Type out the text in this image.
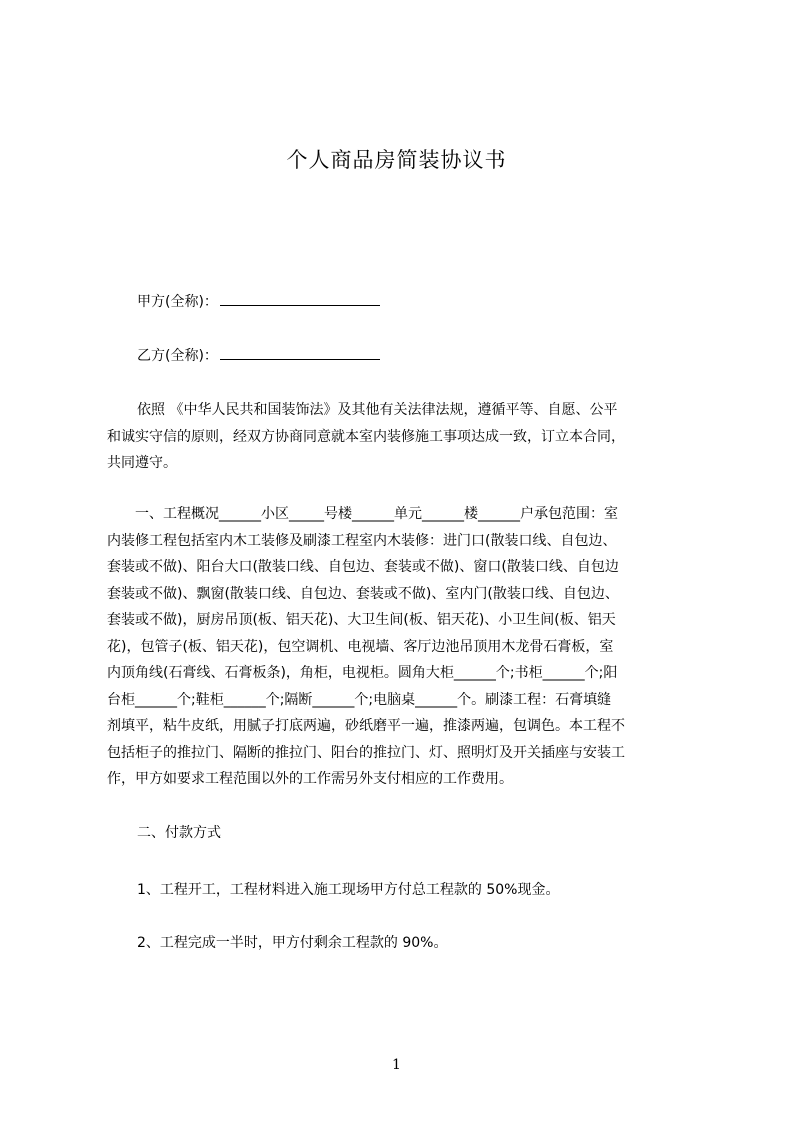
个人商品房简装协议书
甲方(全称)：
乙方(全称)：
依照 《中华人民共和国装饰法》及其他有关法律法规，遵循平等、自愿、公平
和诚实守信的原则，经双方协商同意就本室内装修施工事项达成一致，订立本合同，
共同遵守。
一、工程概况______小区_____号楼______单元______楼______户承包范围：室
内装修工程包括室内木工装修及刷漆工程室内木装修：进门口(散装口线、自包边、
套装或不做)、阳台大口(散装口线、自包边、套装或不做)、窗口(散装口线、自包边
套装或不做)、飘窗(散装口线、自包边、套装或不做)、室内门(散装口线、自包边、
套装或不做)，厨房吊顶(板、铝天花)、大卫生间(板、铝天花)、小卫生间(板、铝天
花)，包管子(板、铝天花)，包空调机、电视墙、客厅边池吊顶用木龙骨石膏板，室
内顶角线(石膏线、石膏板条)，角柜，电视柜。圆角大柜______个;书柜______个;阳
台柜______个;鞋柜______个;隔断______个;电脑桌______个。刷漆工程：石膏填缝
剂填平，粘牛皮纸，用腻子打底两遍，砂纸磨平一遍，推漆两遍，包调色。本工程不
包括柜子的推拉门、隔断的推拉门、阳台的推拉门、灯、照明灯及开关插座与安装工
作，甲方如要求工程范围以外的工作需另外支付相应的工作费用。
二、付款方式
1、工程开工，工程材料进入施工现场甲方付总工程款的 50%现金。
2、工程完成一半时，甲方付剩余工程款的 90%。
1
